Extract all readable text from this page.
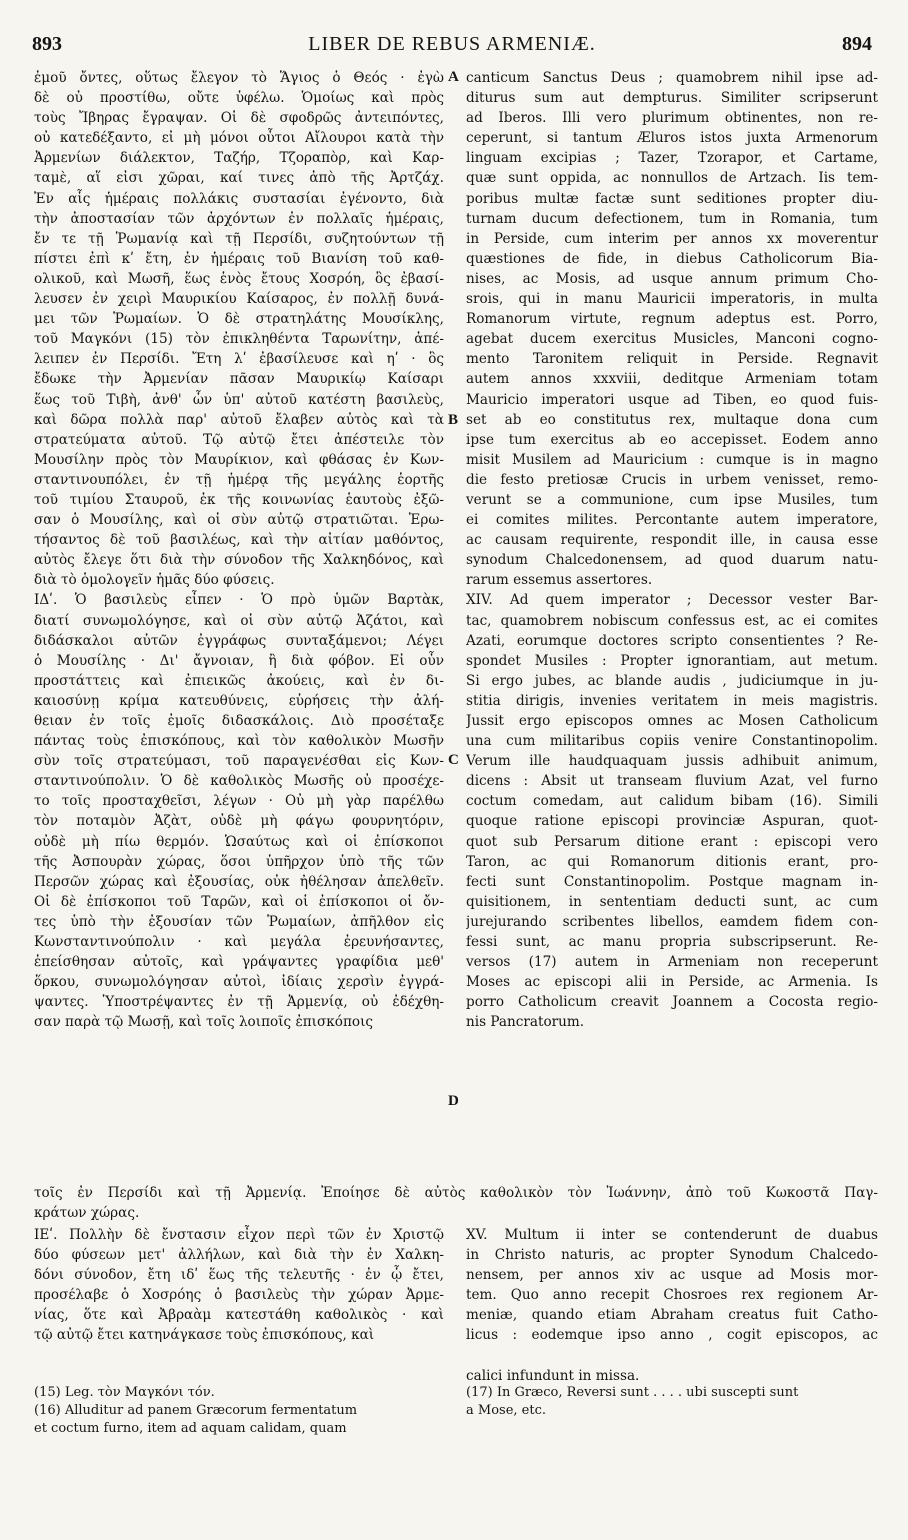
893	LIBER DE REBUS ARMENIÆ.	894
ἐμοῦ ὄντες, οὕτως ἔλεγον τὸ Ἅγιος ὁ Θεός · ἐγὼ
δὲ οὐ προστίθω, οὔτε ὑφέλω. Ὁμοίως καὶ πρὸς
τοὺς Ἴβηρας ἔγραψαν. Οἱ δὲ σφοδρῶς ἀντειπόντες,
οὐ κατεδέξαντο, εἰ μὴ μόνοι οὗτοι Αἴλουροι κατὰ τὴν
Ἀρμενίων διάλεκτον, Ταζήρ, Τζοραπὸρ, καὶ Καρ-
ταμὲ, αἵ εἰσι χῶραι, καί τινες ἀπὸ τῆς Ἀρτζάχ.
Ἐν αἷς ἡμέραις πολλάκις συστασίαι ἐγένοντο, διὰ
τὴν ἀποστασίαν τῶν ἀρχόντων ἐν πολλαῖς ἡμέραις,
ἔν τε τῇ Ῥωμανίᾳ καὶ τῇ Περσίδι, συζητούντων τῇ
πίστει ἐπὶ κʹ ἔτη, ἐν ἡμέραις τοῦ Βιανίση τοῦ καθ-
ολικοῦ, καὶ Μωσῆ, ἕως ἑνὸς ἔτους Χοσρόη, ὃς ἐβασί-
λευσεν ἐν χειρὶ Μαυρικίου Καίσαρος, ἐν πολλῇ δυνά-
μει τῶν Ῥωμαίων. Ὁ δὲ στρατηλάτης Μουσίκλης,
τοῦ Μαγκόνι (15) τὸν ἐπικληθέντα Ταρωνίτην, ἀπέ-
λειπεν ἐν Περσίδι. Ἔτη λʹ ἐβασίλευσε καὶ ηʹ · ὃς
ἔδωκε τὴν Ἀρμενίαν πᾶσαν Μαυρικίῳ Καίσαρι
ἕως τοῦ Τιβὴ, ἀνθ' ὧν ὑπ' αὐτοῦ κατέστη βασιλεὺς,
καὶ δῶρα πολλὰ παρ' αὐτοῦ ἔλαβεν αὐτὸς καὶ τὰ
στρατεύματα αὐτοῦ. Τῷ αὐτῷ ἔτει ἀπέστειλε τὸν
Μουσίλην πρὸς τὸν Μαυρίκιον, καὶ φθάσας ἐν Κων-
σταντινουπόλει, ἐν τῇ ἡμέρᾳ τῆς μεγάλης ἑορτῆς
τοῦ τιμίου Σταυροῦ, ἐκ τῆς κοινωνίας ἑαυτοὺς ἐξῶ-
σαν ὁ Μουσίλης, καὶ οἱ σὺν αὐτῷ στρατιῶται. Ἐρω-
τήσαντος δὲ τοῦ βασιλέως, καὶ τὴν αἰτίαν μαθόντος,
αὐτὸς ἔλεγε ὅτι διὰ τὴν σύνοδον τῆς Χαλκηδόνος, καὶ
διὰ τὸ ὁμολογεῖν ἡμᾶς δύο φύσεις.
ΙΔʹ. Ὁ βασιλεὺς εἶπεν · Ὁ πρὸ ὑμῶν Βαρτὰκ,
διατί συνωμολόγησε, καὶ οἱ σὺν αὐτῷ Ἀζάτοι, καὶ
διδάσκαλοι αὐτῶν ἐγγράφως συνταξάμενοι; Λέγει
ὁ Μουσίλης · Δι' ἄγνοιαν, ἢ διὰ φόβον. Εἰ οὖν
προστάττεις καὶ ἐπιεικῶς ἀκούεις, καὶ ἐν δι-
καιοσύνῃ κρίμα κατευθύνεις, εὑρήσεις τὴν ἀλή-
θειαν ἐν τοῖς ἐμοῖς διδασκάλοις. Διὸ προσέταξε
πάντας τοὺς ἐπισκόπους, καὶ τὸν καθολικὸν Μωσῆν
σὺν τοῖς στρατεύμασι, τοῦ παραγενέσθαι εἰς Κων-
σταντινούπολιν. Ὁ δὲ καθολικὸς Μωσῆς οὐ προσέχε-
το τοῖς προσταχθεῖσι, λέγων · Οὐ μὴ γὰρ παρέλθω
τὸν ποταμὸν Ἀζὰτ, οὐδὲ μὴ φάγω φουρνητόριν,
οὐδὲ μὴ πίω θερμόν. Ὡσαύτως καὶ οἱ ἐπίσκοποι
τῆς Ἀσπουρὰν χώρας, ὅσοι ὑπῆρχον ὑπὸ τῆς τῶν
Περσῶν χώρας καὶ ἐξουσίας, οὐκ ἠθέλησαν ἀπελθεῖν.
Οἱ δὲ ἐπίσκοποι τοῦ Ταρῶν, καὶ οἱ ἐπίσκοποι οἱ ὄν-
τες ὑπὸ τὴν ἐξουσίαν τῶν Ῥωμαίων, ἀπῆλθον εἰς
Κωνσταντινούπολιν · καὶ μεγάλα ἐρευνήσαντες,
ἐπείσθησαν αὐτοῖς, καὶ γράψαντες γραφίδια μεθ'
ὅρκου, συνωμολόγησαν αὐτοὶ, ἰδίαις χερσὶν ἐγγρά-
ψαντες. Ὑποστρέψαντες ἐν τῇ Ἀρμενίᾳ, οὐ ἐδέχθη-
σαν παρὰ τῷ Μωσῇ, καὶ τοῖς λοιποῖς ἐπισκόποις
canticum Sanctus Deus ; quamobrem nihil ipse ad-
diturus sum aut dempturus. Similiter scripserunt
ad Iberos. Illi vero plurimum obtinentes, non re-
ceperunt, si tantum Æluros istos juxta Armenorum
linguam excipias ; Tazer, Tzorapor, et Cartame,
quæ sunt oppida, ac nonnullos de Artzach. Iis tem-
poribus multæ factæ sunt seditiones propter diu-
turnam ducum defectionem, tum in Romania, tum
in Perside, cum interim per annos xx moverentur
quæstiones de fide, in diebus Catholicorum Bia-
nises, ac Mosis, ad usque annum primum Cho-
srois, qui in manu Mauricii imperatoris, in multa
Romanorum virtute, regnum adeptus est. Porro,
agebat ducem exercitus Musicles, Manconi cogno-
mento Taronitem reliquit in Perside. Regnavit
autem annos xxxviii, deditque Armeniam totam
Mauricio imperatori usque ad Tiben, eo quod fuis-
set ab eo constitutus rex, multaque dona cum
ipse tum exercitus ab eo accepisset. Eodem anno
misit Musilem ad Mauricium : cumque is in magno
die festo pretiosæ Crucis in urbem venisset, remo-
verunt se a communione, cum ipse Musiles, tum
ei comites milites. Percontante autem imperatore,
ac causam requirente, respondit ille, in causa esse
synodum Chalcedonensem, ad quod duarum natu-
rarum essemus assertores.
XIV. Ad quem imperator ; Decessor vester Bar-
tac, quamobrem nobiscum confessus est, ac ei comites
Azati, eorumque doctores scripto consentientes ? Re-
spondet Musiles : Propter ignorantiam, aut metum.
Si ergo jubes, ac blande audis , judiciumque in ju-
stitia dirigis, invenies veritatem in meis magistris.
Jussit ergo episcopos omnes ac Mosen Catholicum
una cum militaribus copiis venire Constantinopolim.
Verum ille haudquaquam jussis adhibuit animum,
dicens : Absit ut transeam fluvium Azat, vel furno
coctum comedam, aut calidum bibam (16). Simili
quoque ratione episcopi provinciæ Aspuran, quot-
quot sub Persarum ditione erant : episcopi vero
Taron, ac qui Romanorum ditionis erant, pro-
fecti sunt Constantinopolim. Postque magnam in-
quisitionem, in sententiam deducti sunt, ac cum
jurejurando scribentes libellos, eamdem fidem con-
fessi sunt, ac manu propria subscripserunt. Re-
versos (17) autem in Armeniam non receperunt
Moses ac episcopi alii in Perside, ac Armenia. Is
porro Catholicum creavit Joannem a Cocosta regio-
nis Pancratorum.
A
B
C
D
τοῖς ἐν Περσίδι καὶ τῇ Ἀρμενίᾳ. Ἐποίησε δὲ αὐτὸς καθολικὸν τὸν Ἰωάννην, ἀπὸ τοῦ Κωκοστᾶ Παγ-
κράτων χώρας.
ΙΕʹ. Πολλὴν δὲ ἔνστασιν εἶχον περὶ τῶν ἐν Χριστῷ
δύο φύσεων μετ' ἀλλήλων, καὶ διὰ τὴν ἐν Χαλκη-
δόνι σύνοδον, ἔτη ιδʹ ἕως τῆς τελευτῆς · ἐν ᾧ ἔτει,
προσέλαβε ὁ Χοσρόης ὁ βασιλεὺς τὴν χώραν Ἀρμε-
νίας, ὅτε καὶ Ἀβραὰμ κατεστάθη καθολικὸς · καὶ
τῷ αὐτῷ ἔτει κατηνάγκασε τοὺς ἐπισκόπους, καὶ
XV. Multum ii inter se contenderunt de duabus
in Christo naturis, ac propter Synodum Chalcedo-
nensem, per annos xiv ac usque ad Mosis mor-
tem. Quo anno recepit Chosroes rex regionem Ar-
meniæ, quando etiam Abraham creatus fuit Catho-
licus : eodemque ipso anno , cogit episcopos, ac
calici infundunt in missa.
(15) Leg. τὸν Μαγκόνι τόν.
(16) Alluditur ad panem Græcorum fermentatum
et coctum furno, item ad aquam calidam, quam
(17) In Græco, Reversi sunt . . . . ubi suscepti sunt
a Mose, etc.
